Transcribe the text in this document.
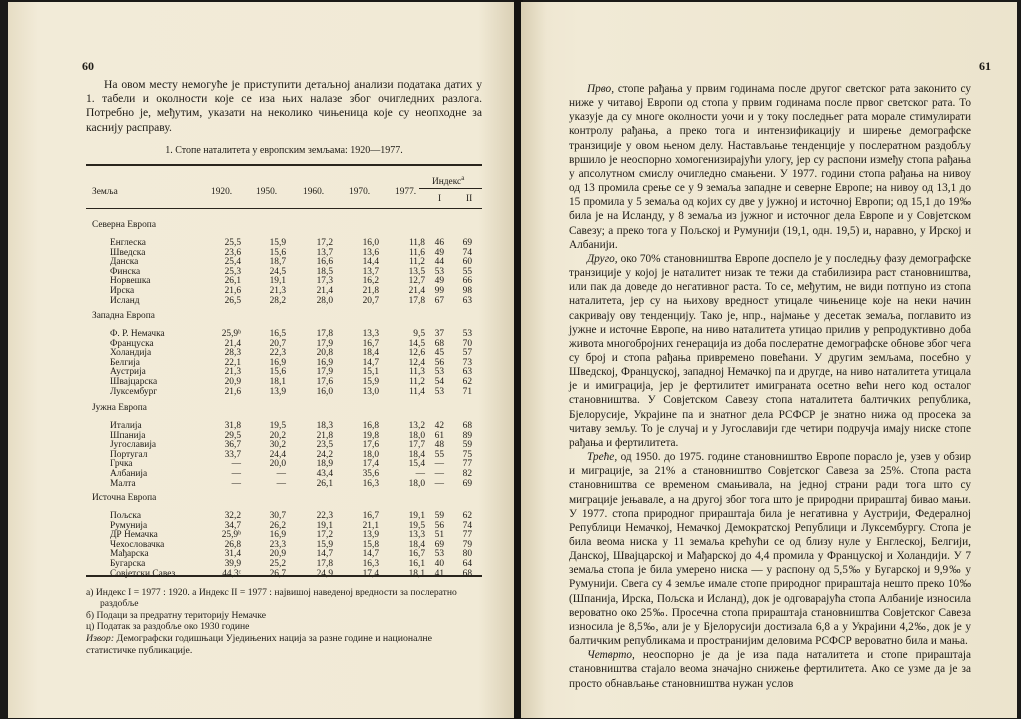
60
На овом месту немогуће је приступити детаљној анализи података датих у 1. табели и околности које се иза њих налазе због очигледних разлога. Потребно је, међутим, указати на неколико чињеница које су неопходне за каснију расправу.
1. Стопе наталитета у европским земљама: 1920—1977.
Земља	1920.	1950.	1960.	1970.	1977.
Индекс$^а$
I	II
Северна Европа
Енглеска	25,5	15,9	17,2	16,0	11,8	46	69
Шведска	23,6	15,6	13,7	13,6	11,6	49	74
Данска	25,4	18,7	16,6	14,4	11,2	44	60
Финска	25,3	24,5	18,5	13,7	13,5	53	55
Норвешка	26,1	19,1	17,3	16,2	12,7	49	66
Ирска	21,6	21,3	21,4	21,8	21,4	99	98
Исланд	26,5	28,2	28,0	20,7	17,8	67	63
Западна Европа
Ф. Р. Немачка	25,9ᵇ	16,5	17,8	13,3	9,5	37	53
Француска	21,4	20,7	17,9	16,7	14,5	68	70
Холандија	28,3	22,3	20,8	18,4	12,6	45	57
Белгија	22,1	16,9	16,9	14,7	12,4	56	73
Аустрија	21,3	15,6	17,9	15,1	11,3	53	63
Швајцарска	20,9	18,1	17,6	15,9	11,2	54	62
Луксембург	21,6	13,9	16,0	13,0	11,4	53	71
Јужна Европа
Италија	31,8	19,5	18,3	16,8	13,2	42	68
Шпанија	29,5	20,2	21,8	19,8	18,0	61	89
Југославија	36,7	30,2	23,5	17,6	17,7	48	59
Португал	33,7	24,4	24,2	18,0	18,4	55	75
Грчка	—	20,0	18,9	17,4	15,4	—	77
Албанија	—	—	43,4	35,6	—	—	82
Малта	—	—	26,1	16,3	18,0	—	69
Источна Европа
Пољска	32,2	30,7	22,3	16,7	19,1	59	62
Румунија	34,7	26,2	19,1	21,1	19,5	56	74
ДР Немачка	25,9ᵇ	16,9	17,2	13,9	13,3	51	77
Чехословачка	26,8	23,3	15,9	15,8	18,4	69	79
Мађарска	31,4	20,9	14,7	14,7	16,7	53	80
Бугарска	39,9	25,2	17,8	16,3	16,1	40	64
Совјетски Савез	44,3ᶜ	26,7	24,9	17,4	18,1	41	68
а) Индекс I = 1977 : 1920. а Индекс II = 1977 : највишој наведеној вредности за послератно раздобље
б) Подаци за предратну територију Немачке
ц) Податак за раздобље око 1930 године
Извор: Демографски годишњаци Уједињених нација за разне године и националне статистичке публикације.
61

Прво, стопе рађања у првим годинама после другог светског рата законито су ниже у читавој Европи од стопа у првим годинама после првог светског рата. То указује да су многе околности уочи и у току последњег рата морале стимулирати контролу рађања, а преко тога и интензификацију и ширење демографске транзиције у овом њеном делу. Настављање тенденције у послератном раздобљу вршило је неоспорно хомогенизирајући улогу, јер су распони између стопа рађања у апсолутном смислу очигледно смањени. У 1977. години стопа рађања на нивоу од 13 промила срење се у 9 земаља западне и северне Европе; на нивоу од 13,1 до 15 промила у 5 земаља од којих су две у јужној и источној Европи; од 15,1 до 19‰ била је на Исланду, у 8 земаља из јужног и источног дела Европе и у Совјетском Савезу; а преко тога у Пољској и Румунији (19,1, одн. 19,5) и, наравно, у Ирској и Албанији.

Друго, око 70% становништва Европе доспело је у последњу фазу демографске транзиције у којој је наталитет низак те тежи да стабилизира раст становништва, или пак да доведе до негативног раста. То се, међутим, не види потпуно из стопа наталитета, јер су на њихову вредност утицале чињенице које на неки начин сакривају ову тенденцију. Тако је, нпр., најмање у десетак земаља, поглавито из јужне и источне Европе, на ниво наталитета утицао прилив у репродуктивно доба живота многобројних генерација из доба послератне демографске обнове због чега су број и стопа рађања привремено повећани. У другим земљама, посебно у Шведској, Француској, западној Немачкој па и другде, на ниво наталитета утицала је и имиграција, јер је фертилитет имиграната осетно већи него код осталог становништва. У Совјетском Савезу стопа наталитета балтичких република, Бјелорусије, Украјине па и знатног дела РСФСР је знатно нижа од просека за читаву земљу. То је случај и у Југославији где четири подручја имају ниске стопе рађања и фертилитета.

Треће, од 1950. до 1975. године становништво Европе порасло је, узев у обзир и миграције, за 21% а становништво Совјетског Савеза за 25%. Стопа раста становништва се временом смањивала, на једној страни ради тога што су миграције јењавале, а на другој због тога што је природни прираштај бивао мањи. У 1977. стопа природног прираштаја била је негативна у Аустрији, Федералној Републици Немачкој, Немачкој Демократској Републици и Луксембургу. Стопа је била веома ниска у 11 земаља крећући се од близу нуле у Енглеској, Белгији, Данској, Швајцарској и Мађарској до 4,4 промила у Француској и Холандији. У 7 земаља стопа је била умерено ниска — у распону од 5,5‰ у Бугарској и 9,9‰ у Румунији. Свега су 4 земље имале стопе природног прираштаја нешто преко 10‰ (Шпанија, Ирска, Пољска и Исланд), док је одговарајућа стопа Албаније износила вероватно око 25‰. Просечна стопа прираштаја становништва Совјетског Савеза износила је 8,5‰, али је у Бјелорусији достизала 6,8 а у Украјини 4,2‰, док је у балтичким републикама и пространијим деловима РСФСР вероватно била и мања.

Четврто, неоспорно је да је иза пада наталитета и стопе прираштаја становништва стајало веома значајно снижење фертилитета. Ако се узме да је за просто обнављање становништва нужан услов
